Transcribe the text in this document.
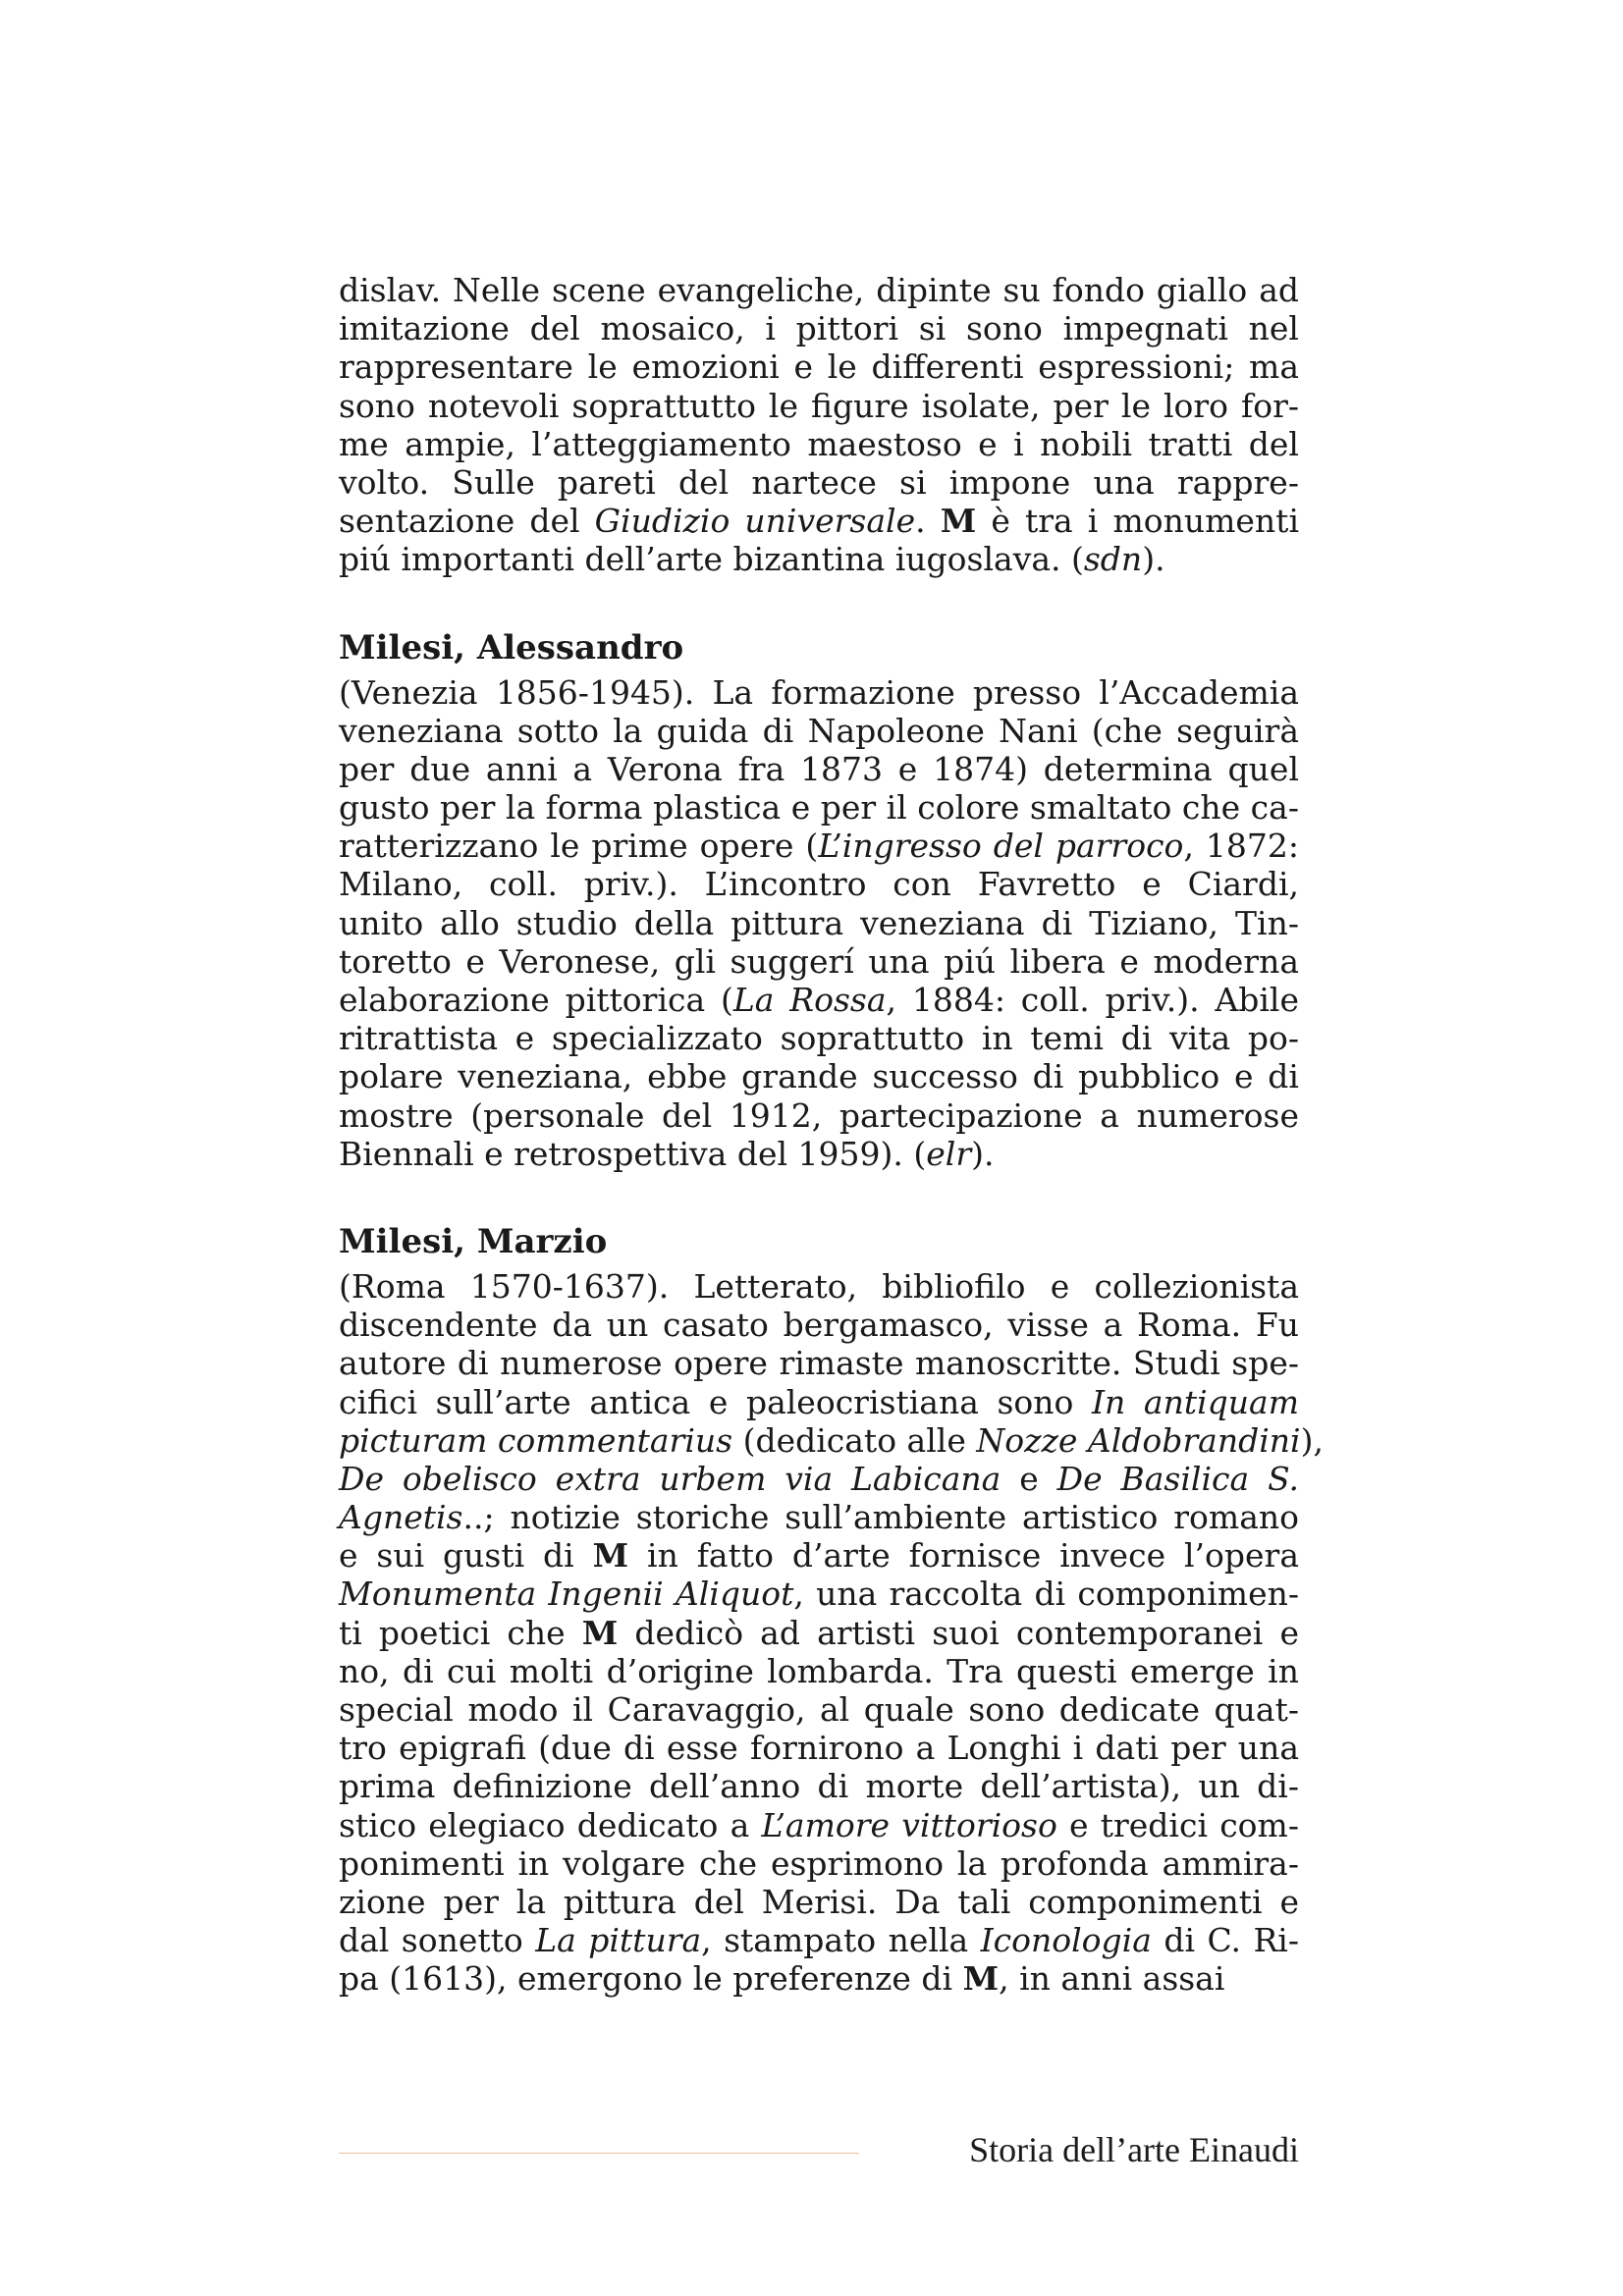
dislav. Nelle scene evangeliche, dipinte su fondo giallo ad
imitazione del mosaico, i pittori si sono impegnati nel
rappresentare le emozioni e le differenti espressioni; ma
sono notevoli soprattutto le figure isolate, per le loro for-
me ampie, l’atteggiamento maestoso e i nobili tratti del
volto. Sulle pareti del nartece si impone una rappre-
sentazione del Giudizio universale. M è tra i monumenti
piú importanti dell’arte bizantina iugoslava. (sdn).
Milesi, Alessandro
(Venezia 1856-1945). La formazione presso l’Accademia
veneziana sotto la guida di Napoleone Nani (che seguirà
per due anni a Verona fra 1873 e 1874) determina quel
gusto per la forma plastica e per il colore smaltato che ca-
ratterizzano le prime opere (L’ingresso del parroco, 1872:
Milano, coll. priv.). L’incontro con Favretto e Ciardi,
unito allo studio della pittura veneziana di Tiziano, Tin-
toretto e Veronese, gli suggerí una piú libera e moderna
elaborazione pittorica (La Rossa, 1884: coll. priv.). Abile
ritrattista e specializzato soprattutto in temi di vita po-
polare veneziana, ebbe grande successo di pubblico e di
mostre (personale del 1912, partecipazione a numerose
Biennali e retrospettiva del 1959). (elr).
Milesi, Marzio
(Roma 1570-1637). Letterato, bibliofilo e collezionista
discendente da un casato bergamasco, visse a Roma. Fu
autore di numerose opere rimaste manoscritte. Studi spe-
cifici sull’arte antica e paleocristiana sono In antiquam
picturam commentarius (dedicato alle Nozze Aldobrandini),
De obelisco extra urbem via Labicana e De Basilica S.
Agnetis..; notizie storiche sull’ambiente artistico romano
e sui gusti di M in fatto d’arte fornisce invece l’opera
Monumenta Ingenii Aliquot, una raccolta di componimen-
ti poetici che M dedicò ad artisti suoi contemporanei e
no, di cui molti d’origine lombarda. Tra questi emerge in
special modo il Caravaggio, al quale sono dedicate quat-
tro epigrafi (due di esse fornirono a Longhi i dati per una
prima definizione dell’anno di morte dell’artista), un di-
stico elegiaco dedicato a L’amore vittorioso e tredici com-
ponimenti in volgare che esprimono la profonda ammira-
zione per la pittura del Merisi. Da tali componimenti e
dal sonetto La pittura, stampato nella Iconologia di C. Ri-
pa (1613), emergono le preferenze di M, in anni assai
Storia dell’arte Einaudi
